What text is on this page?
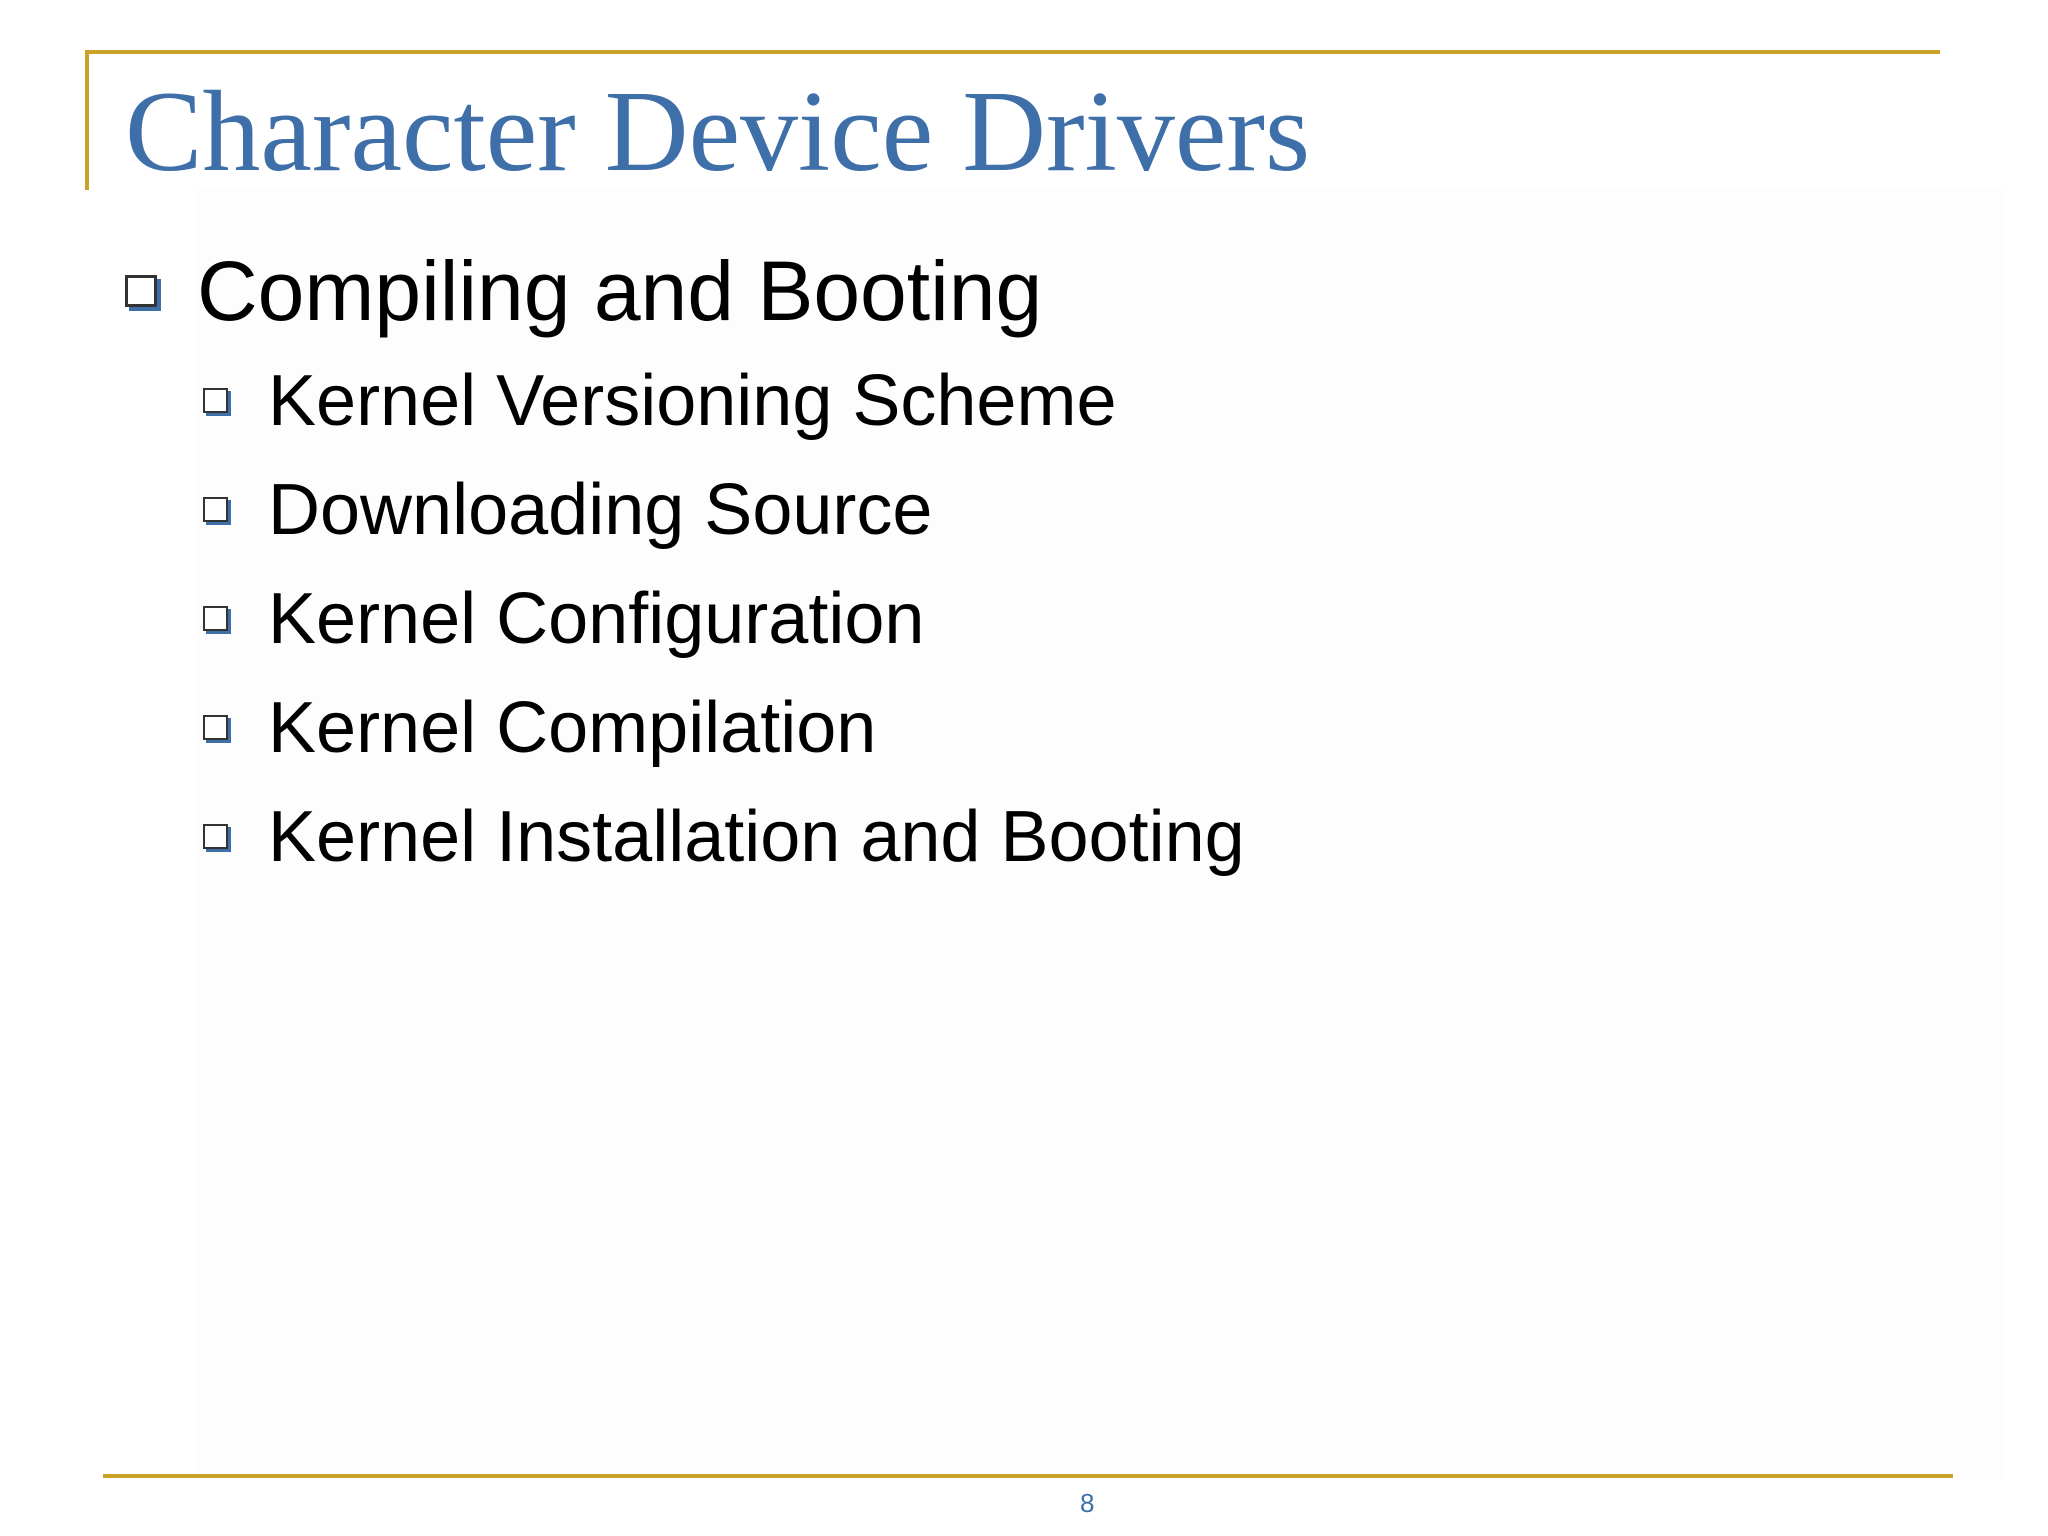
Character Device Drivers
Compiling and Booting
Kernel Versioning Scheme
Downloading Source
Kernel Configuration
Kernel Compilation
Kernel Installation and Booting
8
